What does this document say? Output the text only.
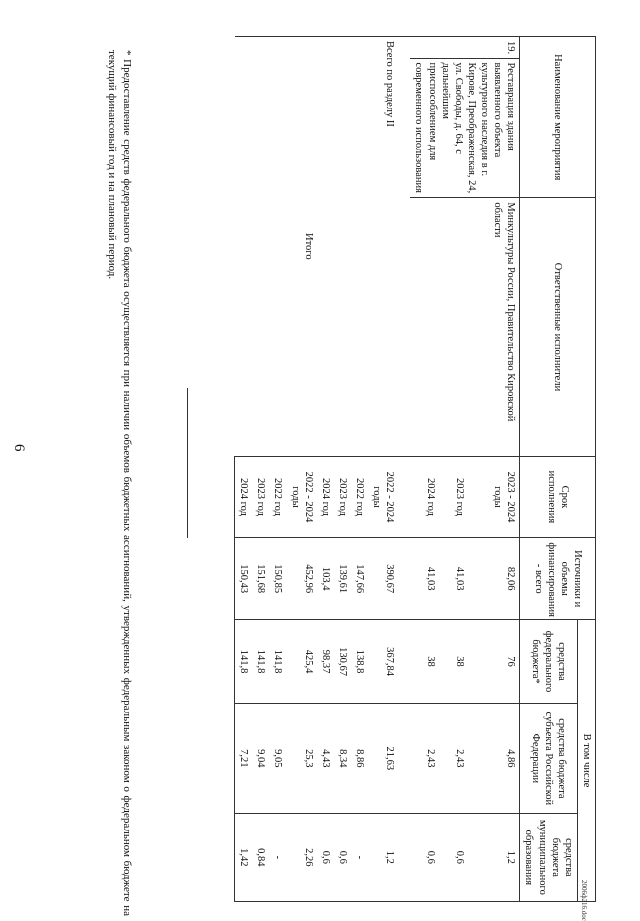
6
Наименование мероприятия		Ответственные исполнители	Срок исполнения	Источники и объемы финансирования - всего	В том числе		
					средства федерального бюджета*	средства бюджета субъекта Российской Федерации	средства бюджета муниципального образования
19.	Реставрация здания выявленного объекта культурного наследия в г. Кирове, Преображенская, 24, ул. Свободы, д. 64, с дальнейшим приспособлением для современного использования	Минкультуры России, Правительство Кировской области	2023 - 2024 годы	82,06	76	4,86	1,2
			2023 год	41,03	38	2,43	0,6
			2024 год	41,03	38	2,43	0,6
Всего по разделу II			2022 - 2024 годы	390,67	367,84	21,63	1,2
			2022 год	147,66	138,8	8,86	-
			2023 год	139,61	130,67	8,34	0,6
			2024 год	103,4	98,37	4,43	0,6
Итого			2022 - 2024 годы	452,96	425,4	25,3	2,26
			2022 год	150,85	141,8	9,05	-
			2023 год	151,68	141,8	9,04	0,84
			2024 год	150,43	141,8	7,21	1,42
* Предоставление средств федерального бюджета осуществляется при наличии объемов бюджетных ассигнований, утвержденных федеральным законом о федеральном бюджете на текущий финансовый год и на плановый период.
2006ф216.doc
